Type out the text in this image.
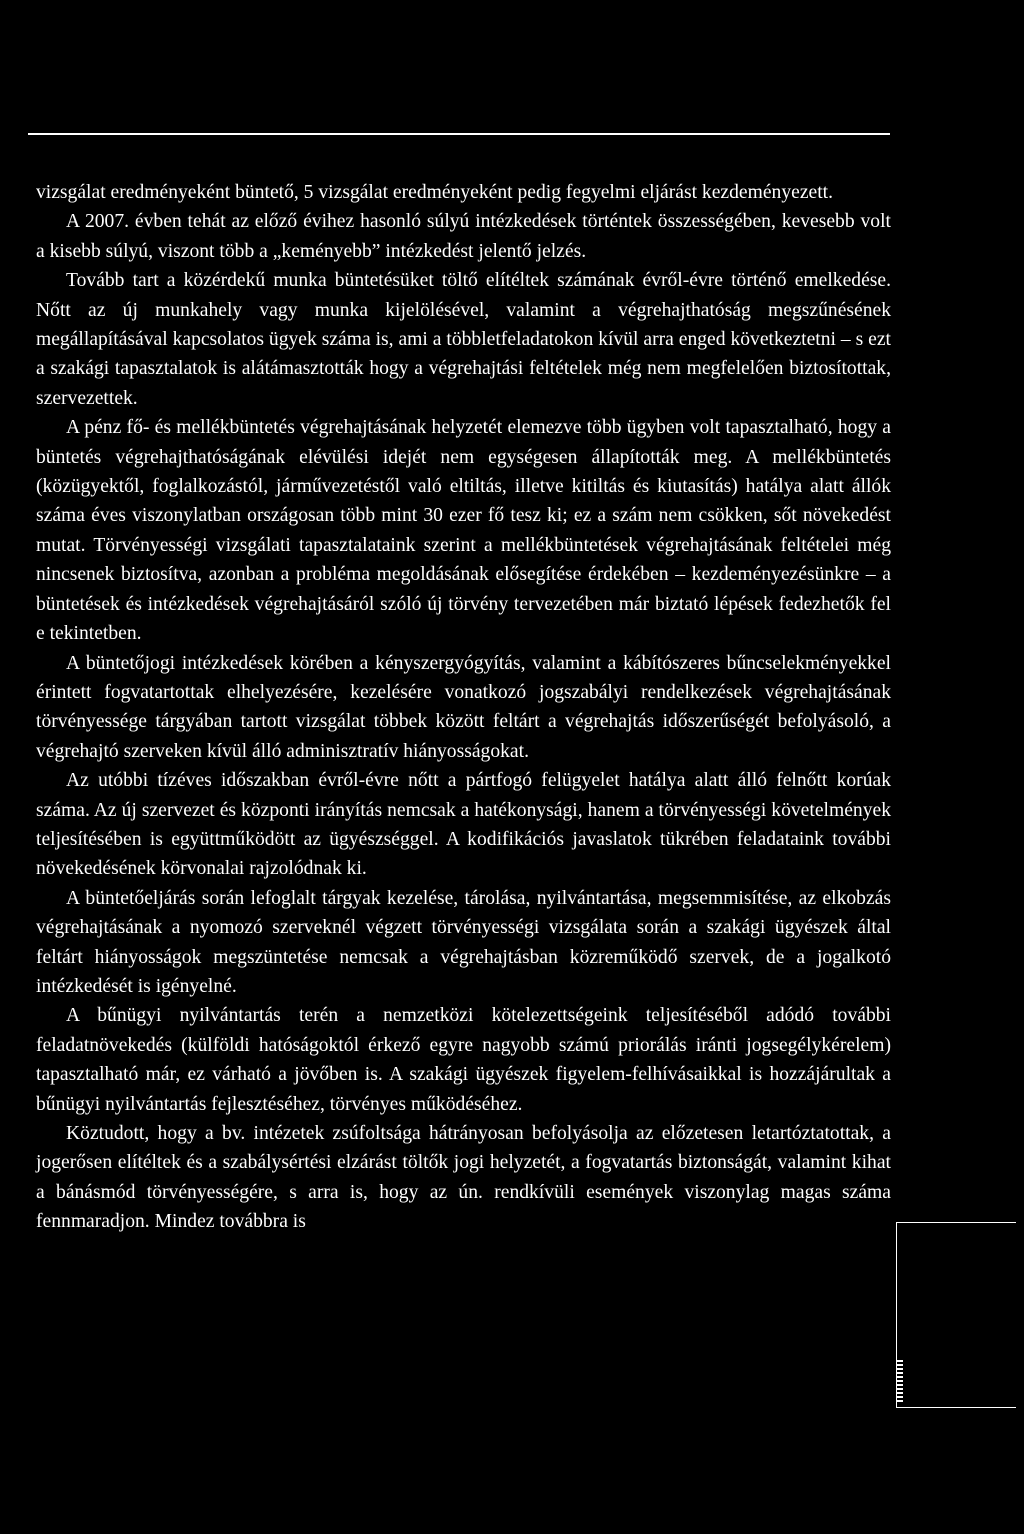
vizsgálat eredményeként büntető, 5 vizsgálat eredményeként pedig fegyelmi eljárást kezdeményezett.

A 2007. évben tehát az előző évihez hasonló súlyú intézkedések történtek összességében, kevesebb volt a kisebb súlyú, viszont több a „keményebb” intézkedést jelentő jelzés.

Tovább tart a közérdekű munka büntetésüket töltő elítéltek számának évről-évre történő emelkedése. Nőtt az új munkahely vagy munka kijelölésével, valamint a végrehajthatóság megszűnésének megállapításával kapcsolatos ügyek száma is, ami a többletfeladatokon kívül arra enged következtetni – s ezt a szakági tapasztalatok is alátámasztották hogy a végrehajtási feltételek még nem megfelelően biztosítottak, szervezettek.

A pénz fő- és mellékbüntetés végrehajtásának helyzetét elemezve több ügyben volt tapasztalható, hogy a büntetés végrehajthatóságának elévülési idejét nem egységesen állapították meg. A mellékbüntetés (közügyektől, foglalkozástól, járművezetéstől való eltiltás, illetve kitiltás és kiutasítás) hatálya alatt állók száma éves viszonylatban országosan több mint 30 ezer fő tesz ki; ez a szám nem csökken, sőt növekedést mutat. Törvényességi vizsgálati tapasztalataink szerint a mellékbüntetések végrehajtásának feltételei még nincsenek biztosítva, azonban a probléma megoldásának elősegítése érdekében – kezdeményezésünkre – a büntetések és intézkedések végrehajtásáról szóló új törvény tervezetében már biztató lépések fedezhetők fel e tekintetben.

A büntetőjogi intézkedések körében a kényszergyógyítás, valamint a kábítószeres bűncselekményekkel érintett fogvatartottak elhelyezésére, kezelésére vonatkozó jogszabályi rendelkezések végrehajtásának törvényessége tárgyában tartott vizsgálat többek között feltárt a végrehajtás időszerűségét befolyásoló, a végrehajtó szerveken kívül álló adminisztratív hiányosságokat.

Az utóbbi tízéves időszakban évről-évre nőtt a pártfogó felügyelet hatálya alatt álló felnőtt korúak száma. Az új szervezet és központi irányítás nemcsak a hatékonysági, hanem a törvényességi követelmények teljesítésében is együttműködött az ügyészséggel. A kodifikációs javaslatok tükrében feladataink további növekedésének körvonalai rajzolódnak ki.

A büntetőeljárás során lefoglalt tárgyak kezelése, tárolása, nyilvántartása, megsemmisítése, az elkobzás végrehajtásának a nyomozó szerveknél végzett törvényességi vizsgálata során a szakági ügyészek által feltárt hiányosságok megszüntetése nemcsak a végrehajtásban közreműködő szervek, de a jogalkotó intézkedését is igényelné.

A bűnügyi nyilvántartás terén a nemzetközi kötelezettségeink teljesítéséből adódó további feladatnövekedés (külföldi hatóságoktól érkező egyre nagyobb számú priorálás iránti jogsegélykérelem) tapasztalható már, ez várható a jövőben is. A szakági ügyészek figyelem-felhívásaikkal is hozzájárultak a bűnügyi nyilvántartás fejlesztéséhez, törvényes működéséhez.

Köztudott, hogy a bv. intézetek zsúfoltsága hátrányosan befolyásolja az előzetesen letartóztatottak, a jogerősen elítéltek és a szabálysértési elzárást töltők jogi helyzetét, a fogvatartás biztonságát, valamint kihat a bánásmód törvényességére, s arra is, hogy az ún. rendkívüli események viszonylag magas száma fennmaradjon. Mindez továbbra is
